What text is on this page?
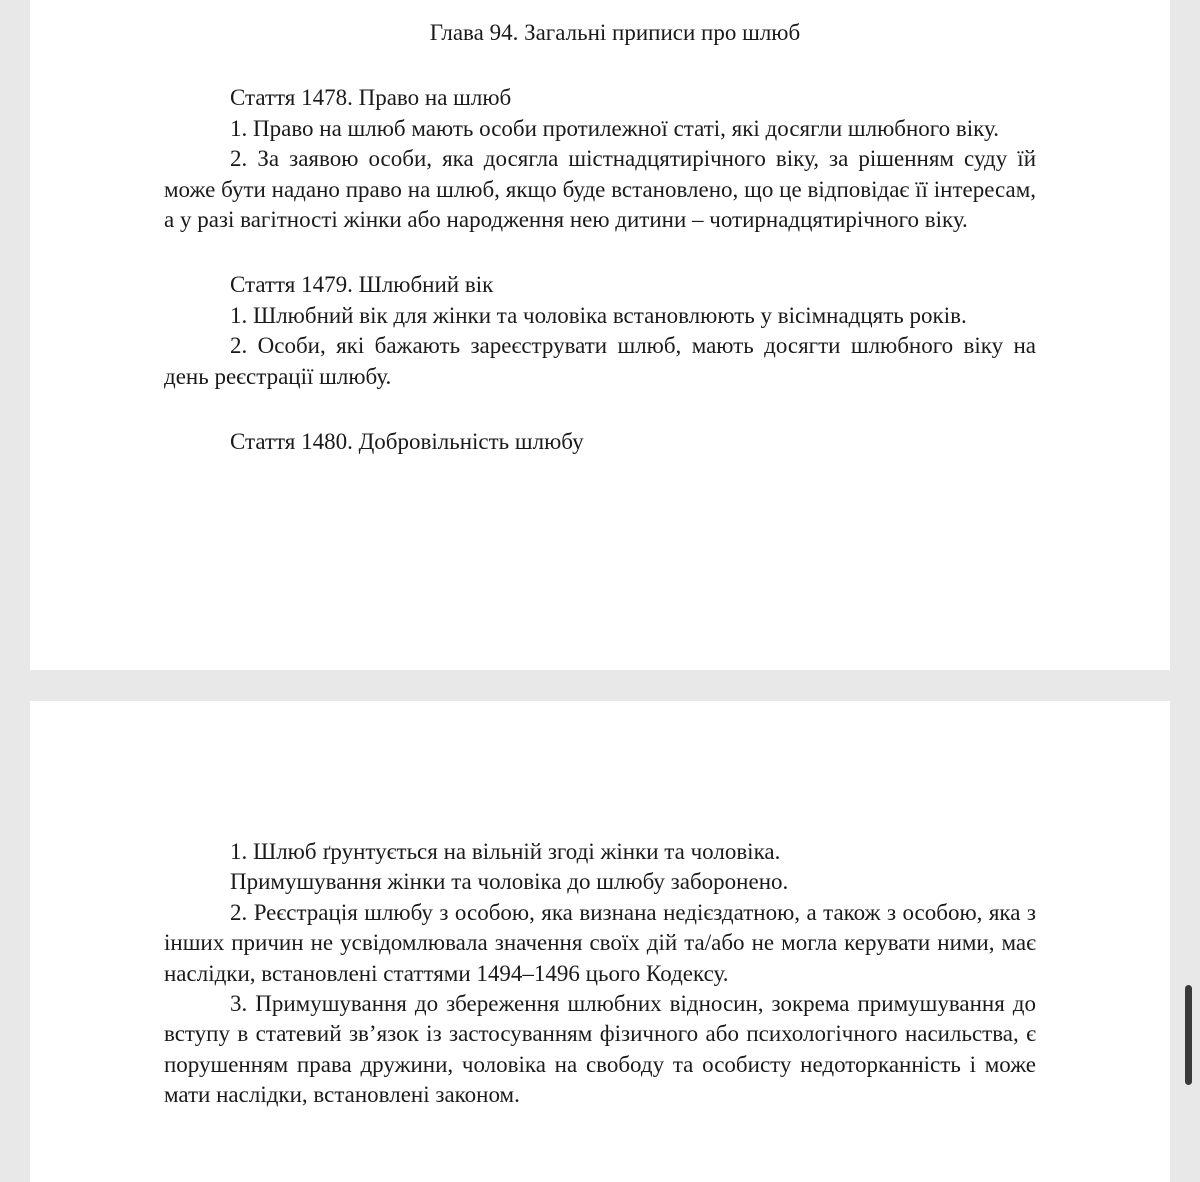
Глава 94. Загальні приписи про шлюб

Стаття 1478. Право на шлюб

1. Право на шлюб мають особи протилежної статі, які досягли шлюбного віку.

2. За заявою особи, яка досягла шістнадцятирічного віку, за рішенням суду їй може бути надано право на шлюб, якщо буде встановлено, що це відповідає її інтересам, а у разі вагітності жінки або народження нею дитини – чотирнадцятирічного віку.

Стаття 1479. Шлюбний вік

1. Шлюбний вік для жінки та чоловіка встановлюють у вісімнадцять років.

2. Особи, які бажають зареєструвати шлюб, мають досягти шлюбного віку на день реєстрації шлюбу.

Стаття 1480. Добровільність шлюбу

1. Шлюб ґрунтується на вільній згоді жінки та чоловіка.

Примушування жінки та чоловіка до шлюбу заборонено.

2. Реєстрація шлюбу з особою, яка визнана недієздатною, а також з особою, яка з інших причин не усвідомлювала значення своїх дій та/або не могла керувати ними, має наслідки, встановлені статтями 1494–1496 цього Кодексу.

3. Примушування до збереження шлюбних відносин, зокрема примушування до вступу в статевий зв’язок із застосуванням фізичного або психологічного насильства, є порушенням права дружини, чоловіка на свободу та особисту недоторканність і може мати наслідки, встановлені законом.
